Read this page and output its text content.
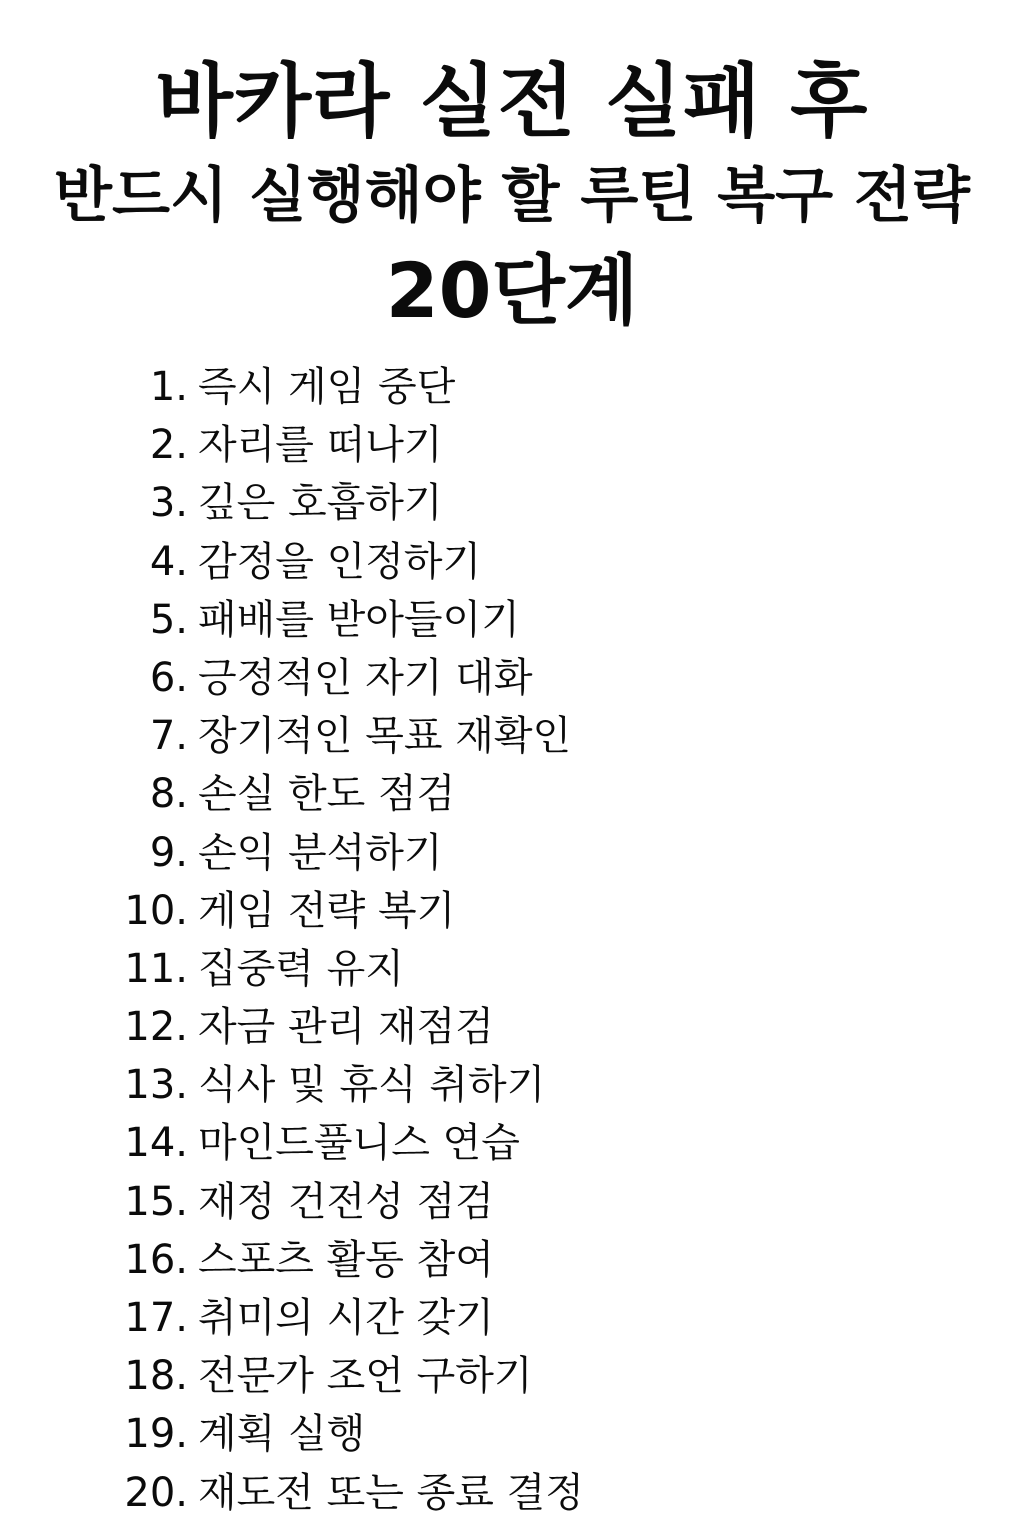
바카라 실전 실패 후
반드시 실행해야 할 루틴 복구 전략
20단계
1. 즉시 게임 중단
2. 자리를 떠나기
3. 깊은 호흡하기
4. 감정을 인정하기
5. 패배를 받아들이기
6. 긍정적인 자기 대화
7. 장기적인 목표 재확인
8. 손실 한도 점검
9. 손익 분석하기
10. 게임 전략 복기
11. 집중력 유지
12. 자금 관리 재점검
13. 식사 및 휴식 취하기
14. 마인드풀니스 연습
15. 재정 건전성 점검
16. 스포츠 활동 참여
17. 취미의 시간 갖기
18. 전문가 조언 구하기
19. 계획 실행
20. 재도전 또는 종료 결정
